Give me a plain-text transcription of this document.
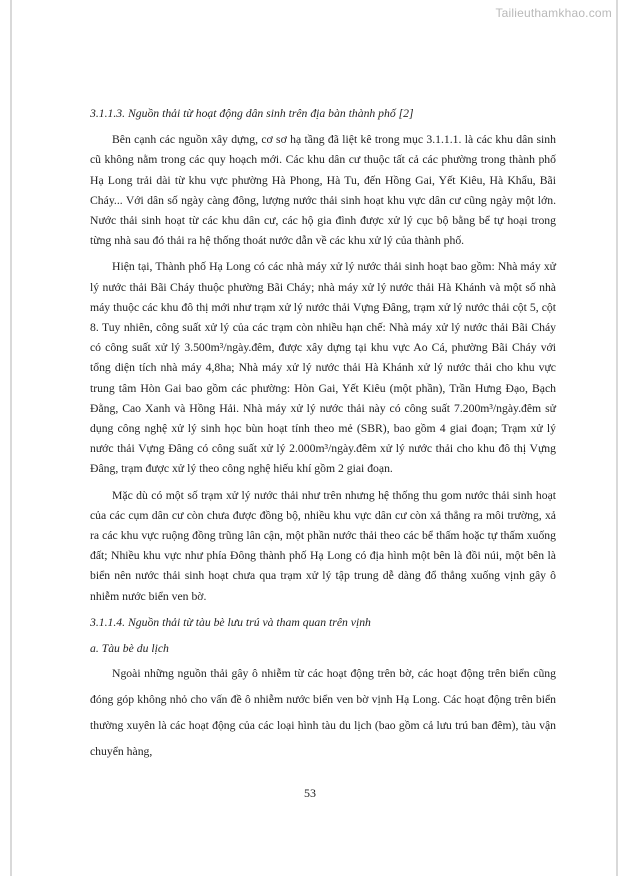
Tailieuthamkhao.com

3.1.1.3. Nguồn thải từ hoạt động dân sinh trên địa bàn thành phố [2]

Bên cạnh các nguồn xây dựng, cơ sơ hạ tầng đã liệt kê trong mục 3.1.1.1. là các khu dân sinh cũ không nằm trong các quy hoạch mới. Các khu dân cư thuộc tất cả các phường trong thành phố Hạ Long trải dài từ khu vực phường Hà Phong, Hà Tu, đến Hồng Gai, Yết Kiêu, Hà Khẩu, Bãi Cháy... Với dân số ngày càng đông, lượng nước thải sinh hoạt khu vực dân cư cũng ngày một lớn. Nước thải sinh hoạt từ các khu dân cư, các hộ gia đình được xử lý cục bộ bằng bể tự hoại trong từng nhà sau đó thải ra hệ thống thoát nước dẫn về các khu xử lý của thành phố.

Hiện tại, Thành phố Hạ Long có các nhà máy xử lý nước thải sinh hoạt bao gồm: Nhà máy xử lý nước thải Bãi Cháy thuộc phường Bãi Cháy; nhà máy xử lý nước thải Hà Khánh và một số nhà máy thuộc các khu đô thị mới như trạm xử lý nước thải Vựng Đâng, trạm xử lý nước thải cột 5, cột 8. Tuy nhiên, công suất xử lý của các trạm còn nhiều hạn chế: Nhà máy xử lý nước thải Bãi Cháy có công suất xử lý 3.500m³/ngày.đêm, được xây dựng tại khu vực Ao Cá, phường Bãi Cháy với tổng diện tích nhà máy 4,8ha; Nhà máy xử lý nước thải Hà Khánh xử lý nước thải cho khu vực trung tâm Hòn Gai bao gồm các phường: Hòn Gai, Yết Kiêu (một phần), Trần Hưng Đạo, Bạch Đằng, Cao Xanh và Hồng Hải. Nhà máy xử lý nước thải này có công suất 7.200m³/ngày.đêm sử dụng công nghệ xử lý sinh học bùn hoạt tính theo mẻ (SBR), bao gồm 4 giai đoạn; Trạm xử lý nước thải Vựng Đâng có công suất xử lý 2.000m³/ngày.đêm xử lý nước thải cho khu đô thị Vựng Đâng, trạm được xử lý theo công nghệ hiếu khí gồm 2 giai đoạn.

Mặc dù có một số trạm xử lý nước thải như trên nhưng hệ thống thu gom nước thải sinh hoạt của các cụm dân cư còn chưa được đồng bộ, nhiều khu vực dân cư còn xả thẳng ra môi trường, xả ra các khu vực ruộng đồng trũng lân cận, một phần nước thải theo các bể thấm hoặc tự thấm xuống đất; Nhiều khu vực như phía Đông thành phố Hạ Long có địa hình một bên là đồi núi, một bên là biển nên nước thải sinh hoạt chưa qua trạm xử lý tập trung dễ dàng đổ thẳng xuống vịnh gây ô nhiễm nước biển ven bờ.

3.1.1.4. Nguồn thải từ tàu bè lưu trú và tham quan trên vịnh

a. Tàu bè du lịch

Ngoài những nguồn thải gây ô nhiễm từ các hoạt động trên bờ, các hoạt động trên biển cũng đóng góp không nhỏ cho vấn đề ô nhiễm nước biển ven bờ vịnh Hạ Long. Các hoạt động trên biển thường xuyên là các hoạt động của các loại hình tàu du lịch (bao gồm cả lưu trú ban đêm), tàu vận chuyển hàng,

53
